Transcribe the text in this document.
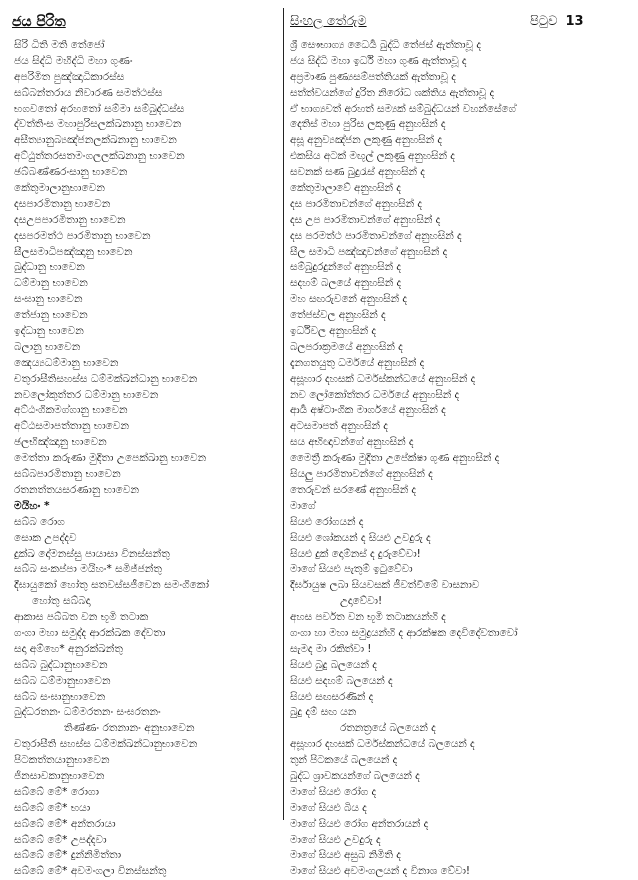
ජය පිරිත	සිංහල තේරුම	පිටුව 13
සිරි ධිති මති තේජෝ
ජය සිද්ධි මහිද්ධි මහා ගුණං
අපරිමිත පුඤ්ඤාධිකාරස්ස
සබ්බන්තරාය නිවාරණ සමත්ථස්ස
භගවතෝ අරහතෝ සම්මා සම්බුද්ධස්ස
ද්වත්තිංස මහාපුරිසලක්ඛනානු භාවෙන
අසීත්‍යානුබ්‍යඤ්ජනලක්ඛනානු භාවෙන
අට්ඨුත්තරසතමංගලලක්ඛනානු භාවෙන
ඡබ්බණ්ණරංසානු භාවෙන
කේතුමාලානුභාවෙන
දසපාරමිතානු භාවෙන
දසඋපපාරමිතානු භාවෙන
දසපරමත්ථ පාරමිතානු භාවෙන
සීලසමාධිපඤ්ඤානු භාවෙන
බුද්ධානු භාවෙන
ධම්මානු භාවෙන
සංඝානු භාවෙන
තේජානු භාවෙන
ඉද්ධානු භාවෙන
බලානු භාවෙන
ඤෙය්‍යධම්මානු භාවෙන
චතුරාසීතිසහස්ස ධම්මක්ඛන්ධානු භාවෙන
නවලෝකුත්තර ධම්මානු භාවෙන
අට්ඨංගිකමග්ගානු භාවෙන
අට්ඨසමාපත්තානු භාවෙන
ඡලභිඤ්ඤානු භාවෙන
මෙත්තා කරුණා මුදිතා උපෙක්ඛානු භාවෙන
සබ්බපාරමිතානු භාවෙන
රතනත්තයසරණානු භාවෙන
මයිහං *
සබ්බ රොග
සොක උපද්දව
දුක්ඛ දෝමනස්සු පායාසා විනස්සන්තු
සබ්බ සංකප්පා මයිහං* සමිජ්ජන්තු
දීඝායුකෝ හෝතු සතවස්සජීවෙන සමංගිකෝ
හෝතු සබ්බදා
ආකාස පබ්බත වන භූමි තටාක
ගංගා මහා සමුද්ද ආරක්ඛක දේවතා
සදා අම්හෙ* අනුරක්ඛන්තු
සබ්බ බුද්ධානුභාවෙන
සබ්බ ධම්මානුභාවෙන
සබ්බ සංඝානුභාවෙන
බුද්ධරතනං ධම්මරතනං සංඝරතනං
තිණ්ණං රතනානං අනුභාවෙන
චතුරාසීති සහස්ස ධම්මක්ඛන්ධානුභාවෙන
පිටකත්තයානුභාවෙන
ජිනසාවකානුභාවෙන
සබ්බේ මේ* රොගා
සබ්බේ මේ* භයා
සබ්බේ මේ* අන්තරායා
සබ්බේ මේ* උපද්දවා
සබ්බේ මේ* දුන්නිමිත්තා
සබ්බේ මේ* අවමංගලා විනස්සන්තු
ශ්‍රී සෞභාග්‍ය ධෛර්‍ය බුද්ධි තේජස් ඇත්තාවූ ද
ජය සිද්ධි මහා ඉර්ධි මහා ගුණ ඇත්තාවූ ද
අප්‍රමාණ පුණ්‍යසම්පත්තියක් ඇත්තාවූ ද
සත්ත්වයන්ගේ දුරිත නිරෝධ ශක්තිය ඇත්තාවූ ද
ඒ භාග්‍යවත් අරහත් සම්‍යක් සම්බුද්ධයන් වහන්සේගේ
දෙතිස් මහා පුරිස ලකුණු අනුහසින් ද
අසූ අනුව්‍යඤ්ජන ලකුණු අනුහසින් ද
එකසිය අටක් මඟුල් ලකුණු අනුහසින් ද
සවනක් සණ බුදුරැස් අනුහසින් ද
කේතුමාලාවේ අනුහසින් ද
දස පාරමිතාවන්ගේ අනුහසින් ද
දස උප පාරමිතාවන්ගේ අනුහසින් ද
දස පරමත්ථ පාරමිතාවන්ගේ අනුහසින් ද
සීල සමාධි පඤ්ඤාවන්ගේ අනුහසින් ද
සම්බුදුරදුන්ගේ අනුහසින් ද
සදහම් බලයේ අනුහසින් ද
මහ සඟරුවනේ අනුහසින් ද
තේජස්වල අනුහසින් ද
ඉර්ධිවල අනුහසින් ද
බලපරාක්‍රමයේ අනුහසින් ද
දැනගතයුතු ධර්මයේ අනුහසින් ද
අසූහාර දහසක් ධර්මස්කන්ධයේ අනුහසින් ද
නව ලෝකෝත්තර ධර්මයේ අනුහසින් ද
ආර්‍ය අෂ්ටාංගික මාර්ගයේ අනුහසින් ද
අටසමාපත් අනුහසින් ද
සය අභිඥාවන්ගේ අනුහසින් ද
මෛත්‍රී කරුණා මුදිතා උපේක්ෂා ගුණ අනුහසින් ද
සියලු පාරමිතාවන්ගේ අනුහසින් ද
තෙරුවන් සරණේ අනුහසින් ද
මාගේ
සියළු රෝගයන් ද
සියළු ශෝකයන් ද සියළු උවදුරු ද
සියළු දුක් දොම්නස් ද දුරුවේවා!
මාගේ සියළු පැතුම් ඉටුවේවා
දීර්ඝායුෂ ලබා සියවසක් ජීවත්වීමේ වාසනාව
උදාවේවා!
අහස පර්වත වන භූමි තටාකයන්හි ද
ගංගා හා මහා සමුද්‍රයන්හි ද ආරක්ෂක දෙවිදේවතාවෝ
සැමද මා රකිත්වා !
සියළු බුදු බලයෙන් ද
සියළු සදහම් බලයෙන් ද
සියළු සඟසරණින් ද
බුදු දම් සඟ යන
රතනත්‍රයේ බලයෙන් ද
අසූහාර දහසක් ධර්මස්කන්ධයේ බලයෙන් ද
තුන් පිටකයේ බලයෙන් ද
බුද්ධ ශ්‍රාවකයන්ගේ බලයෙන් ද
මාගේ සියළු රෝග ද
මාගේ සියළු බිය ද
මාගේ සියළු රෝග අන්තරායන් ද
මාගේ සියළු උවදුරු ද
මාගේ සියළු අසුබ නිමිති ද
මාගේ සියළු අවමංගලයන් ද විනාශ වේවා!
